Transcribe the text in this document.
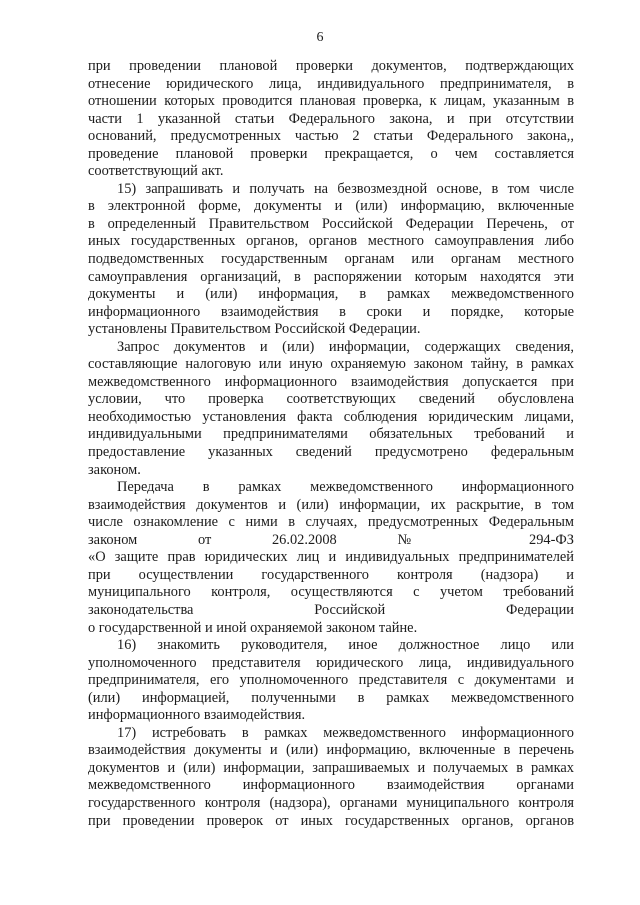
6
при проведении плановой проверки документов, подтверждающих
отнесение юридического лица, индивидуального предпринимателя, в
отношении которых проводится плановая проверка, к лицам, указанным в
части 1 указанной статьи Федерального закона, и при отсутствии
оснований, предусмотренных частью 2 статьи Федерального закона,,
проведение плановой проверки прекращается, о чем составляется
соответствующий акт.
15) запрашивать и получать на безвозмездной основе, в том числе
в электронной форме, документы и (или) информацию, включенные
в определенный Правительством Российской Федерации Перечень, от
иных государственных органов, органов местного самоуправления либо
подведомственных государственным органам или органам местного
самоуправления организаций, в распоряжении которым находятся эти
документы и (или) информация, в рамках межведомственного
информационного взаимодействия в сроки и порядке, которые
установлены Правительством Российской Федерации.
Запрос документов и (или) информации, содержащих сведения,
составляющие налоговую или иную охраняемую законом тайну, в рамках
межведомственного информационного взаимодействия допускается при
условии, что проверка соответствующих сведений обусловлена
необходимостью установления факта соблюдения юридическим лицами,
индивидуальными предпринимателями обязательных требований и
предоставление указанных сведений предусмотрено федеральным
законом.
Передача в рамках межведомственного информационного
взаимодействия документов и (или) информации, их раскрытие, в том
числе ознакомление с ними в случаях, предусмотренных Федеральным
законом от 26.02.2008 № 294-ФЗ
«О защите прав юридических лиц и индивидуальных предпринимателей
при осуществлении государственного контроля (надзора) и
муниципального контроля, осуществляются с учетом требований
законодательства Российской Федерации
о государственной и иной охраняемой законом тайне.
16) знакомить руководителя, иное должностное лицо или
уполномоченного представителя юридического лица, индивидуального
предпринимателя, его уполномоченного представителя с документами и
(или) информацией, полученными в рамках межведомственного
информационного взаимодействия.
17) истребовать в рамках межведомственного информационного
взаимодействия документы и (или) информацию, включенные в перечень
документов и (или) информации, запрашиваемых и получаемых в рамках
межведомственного информационного взаимодействия органами
государственного контроля (надзора), органами муниципального контроля
при проведении проверок от иных государственных органов, органов
